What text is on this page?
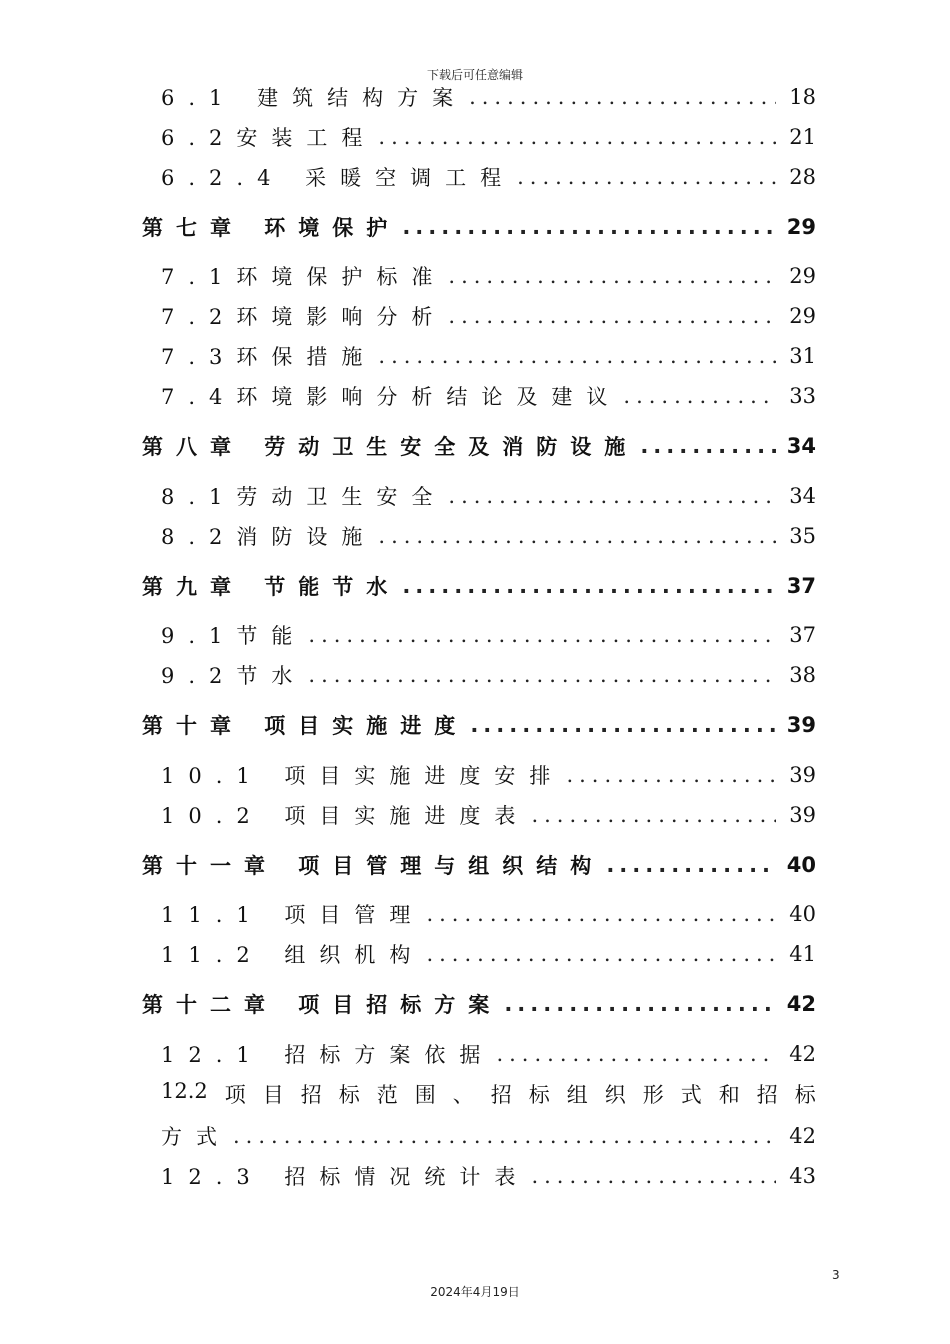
下载后可任意编辑
6.1 建筑结构方案 .....	18
6.2安装工程 .....	21
6.2.4 采暖空调工程 .....	28
第七章 环境保护 .....	29
7.1环境保护标准 .....	29
7.2环境影响分析 .....	29
7.3环保措施 .....	31
7.4环境影响分析结论及建议 .....	33
第八章 劳动卫生安全及消防设施 .....	34
8.1劳动卫生安全 .....	34
8.2消防设施 .....	35
第九章 节能节水 .....	37
9.1节能 .....	37
9.2节水 .....	38
第十章 项目实施进度 .....	39
10.1 项目实施进度安排 .....	39
10.2 项目实施进度表 .....	39
第十一章 项目管理与组织结构 .....	40
11.1 项目管理 .....	40
11.2 组织机构 .....	41
第十二章 项目招标方案 .....	42
12.1 招标方案依据 .....	42
12.2 项 目 招 标 范 围 、 招 标 组 织 形 式 和 招 标
方式 .....	42
12.3 招标情况统计表 .....	43
3
2024年4月19日
